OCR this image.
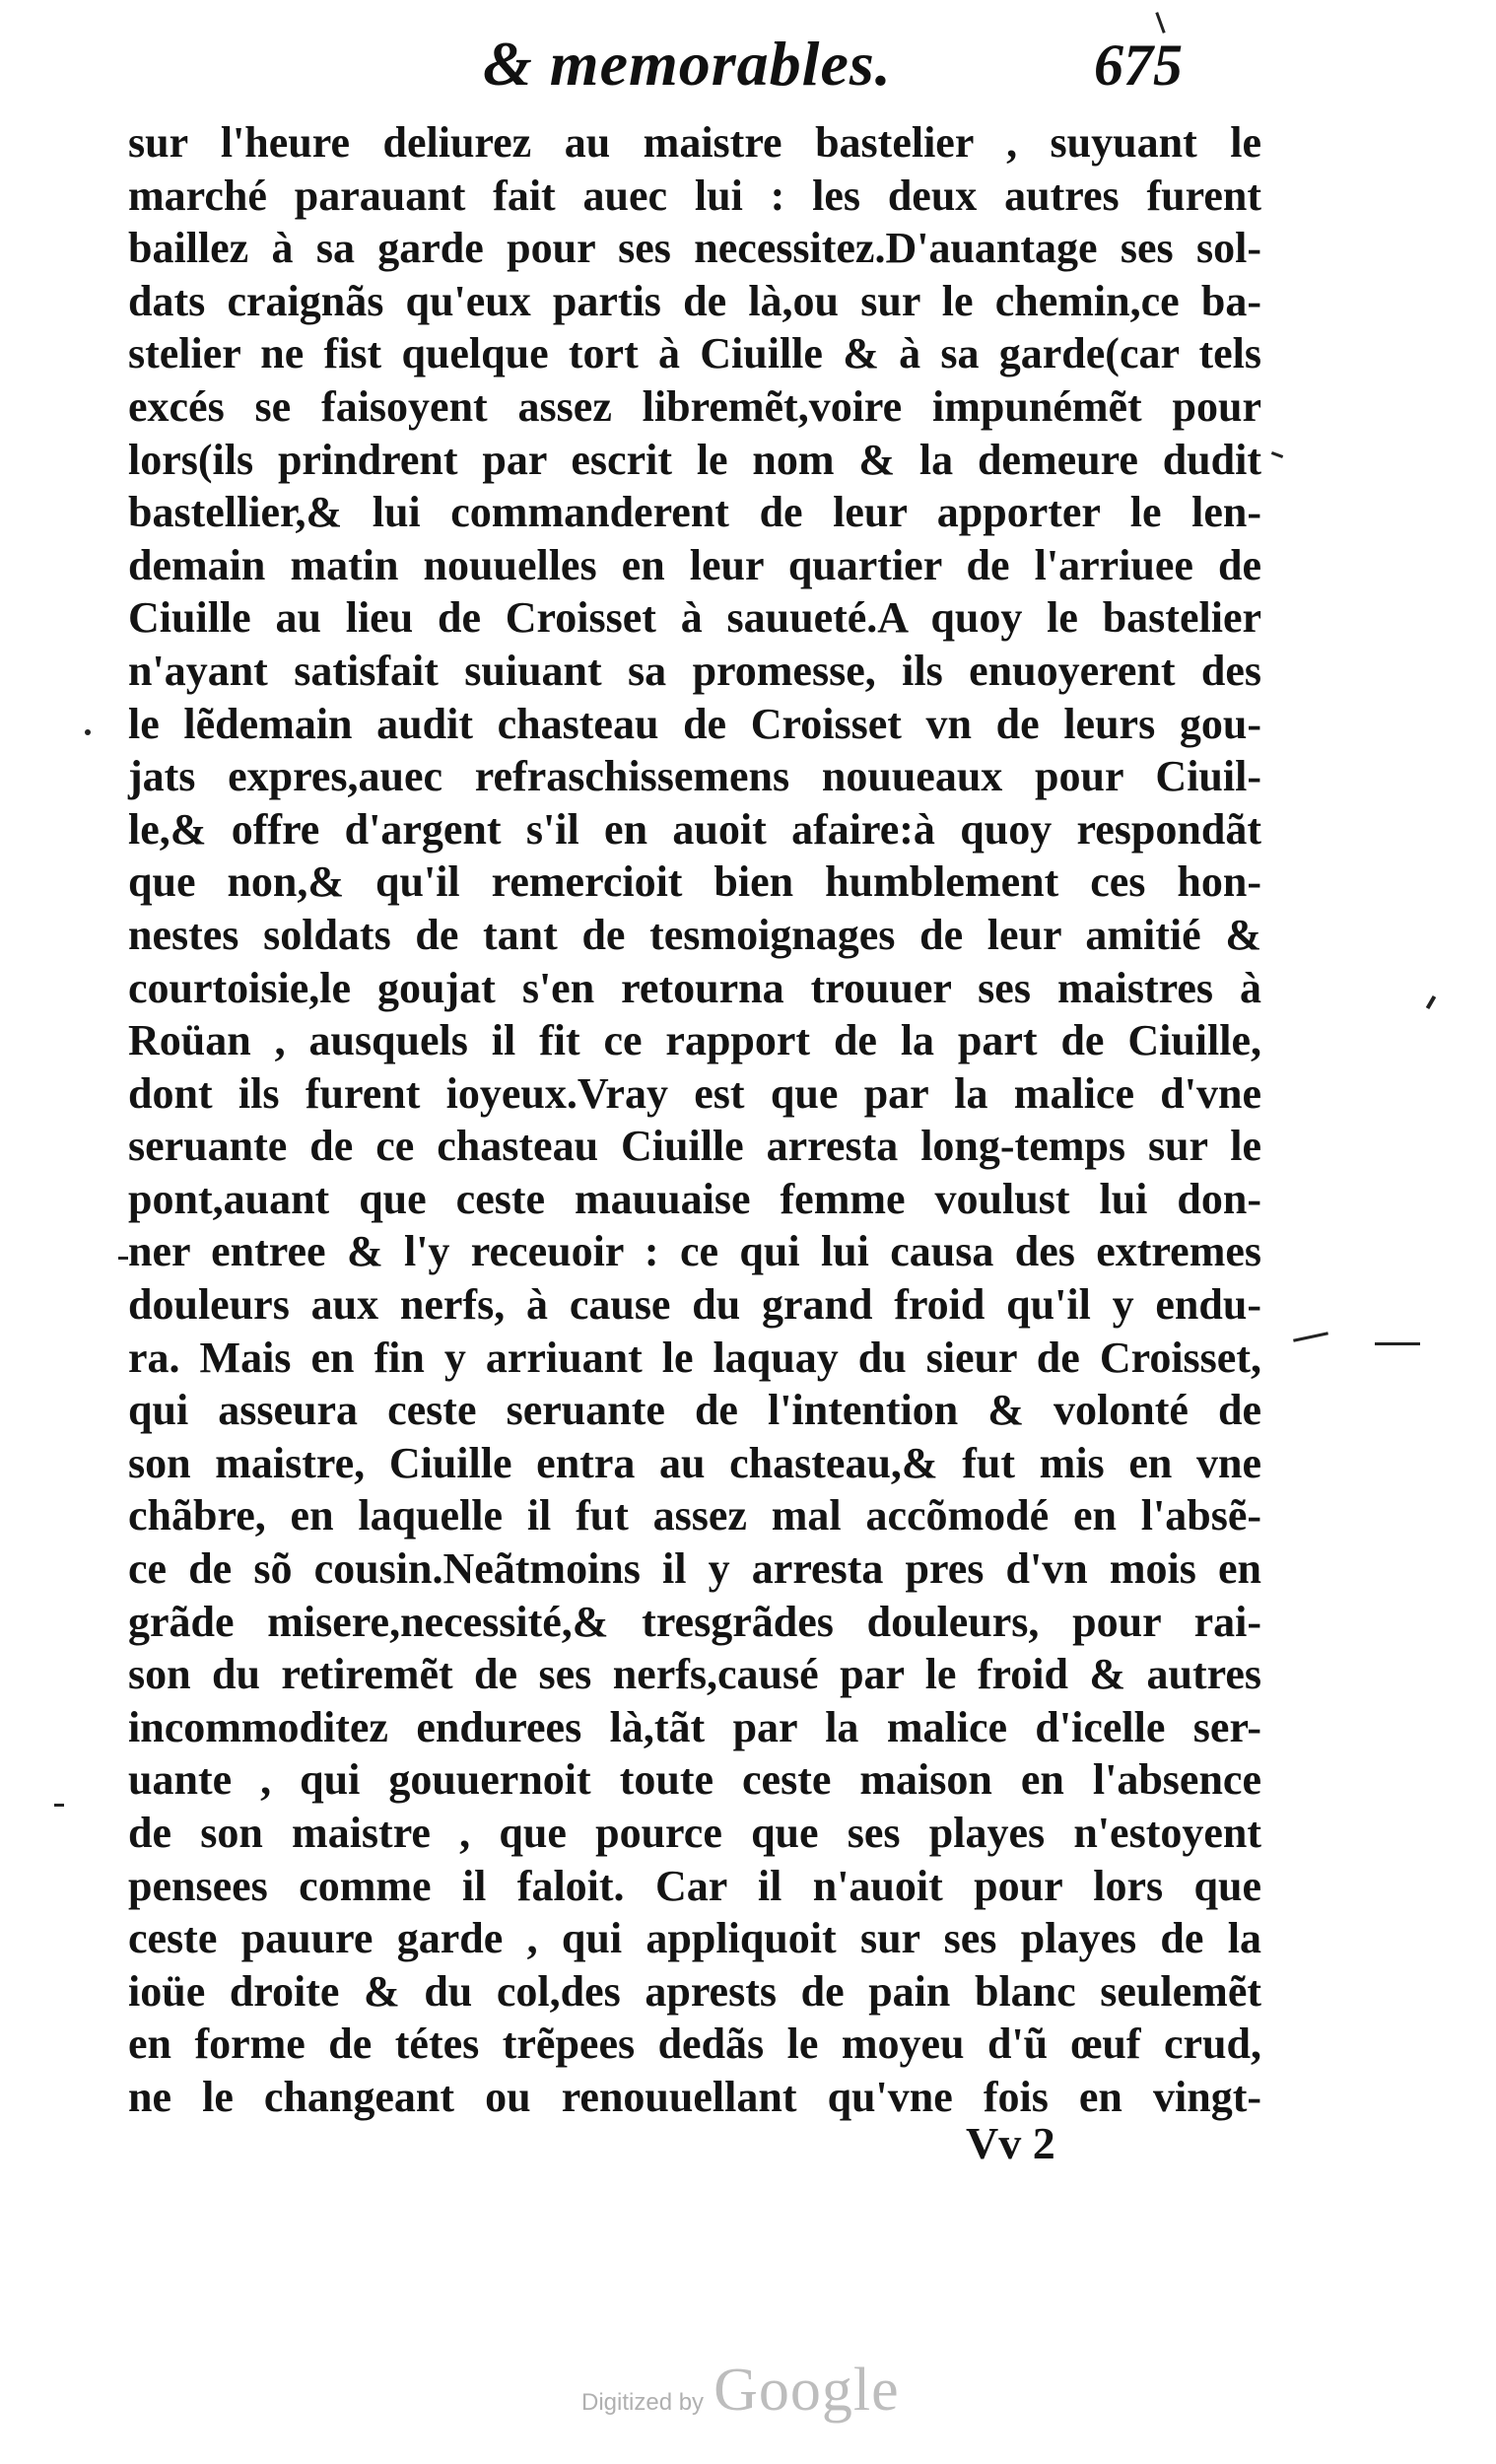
& memorables.	675
sur l'heure deliurez au maistre bastelier , suyuant le
marché parauant fait auec lui : les deux autres furent
baillez à sa garde pour ses necessitez.D'auantage ses sol-
dats craignãs qu'eux partis de là,ou sur le chemin,ce ba-
stelier ne fist quelque tort à Ciuille & à sa garde(car tels
excés se faisoyent assez libremẽt,voire impunémẽt pour
lors(ils prindrent par escrit le nom & la demeure dudit
bastellier,& lui commanderent de leur apporter le len-
demain matin nouuelles en leur quartier de l'arriuee de
Ciuille au lieu de Croisset à sauueté.A quoy le bastelier
n'ayant satisfait suiuant sa promesse, ils enuoyerent des
le lẽdemain audit chasteau de Croisset vn de leurs gou-
jats expres,auec refraschissemens nouueaux pour Ciuil-
le,& offre d'argent s'il en auoit afaire:à quoy respondãt
que non,& qu'il remercioit bien humblement ces hon-
nestes soldats de tant de tesmoignages de leur amitié &
courtoisie,le goujat s'en retourna trouuer ses maistres à
Roüan , ausquels il fit ce rapport de la part de Ciuille,
dont ils furent ioyeux.Vray est que par la malice d'vne
seruante de ce chasteau Ciuille arresta long-temps sur le
pont,auant que ceste mauuaise femme voulust lui don-
ner entree & l'y receuoir : ce qui lui causa des extremes
douleurs aux nerfs, à cause du grand froid qu'il y endu-
ra. Mais en fin y arriuant le laquay du sieur de Croisset,
qui asseura ceste seruante de l'intention & volonté de
son maistre, Ciuille entra au chasteau,& fut mis en vne
chãbre, en laquelle il fut assez mal accõmodé en l'absẽ-
ce de sõ cousin.Neãtmoins il y arresta pres d'vn mois en
grãde misere,necessité,& tresgrãdes douleurs, pour rai-
son du retiremẽt de ses nerfs,causé par le froid & autres
incommoditez endurees là,tãt par la malice d'icelle ser-
uante , qui gouuernoit toute ceste maison en l'absence
de son maistre , que pource que ses playes n'estoyent
pensees comme il faloit. Car il n'auoit pour lors que
ceste pauure garde , qui appliquoit sur ses playes de la
ioüe droite & du col,des aprests de pain blanc seulemẽt
en forme de tétes trẽpees dedãs le moyeu d'ũ œuf crud,
ne le changeant ou renouuellant qu'vne fois en vingt-
Vv 2
Digitized by Google
